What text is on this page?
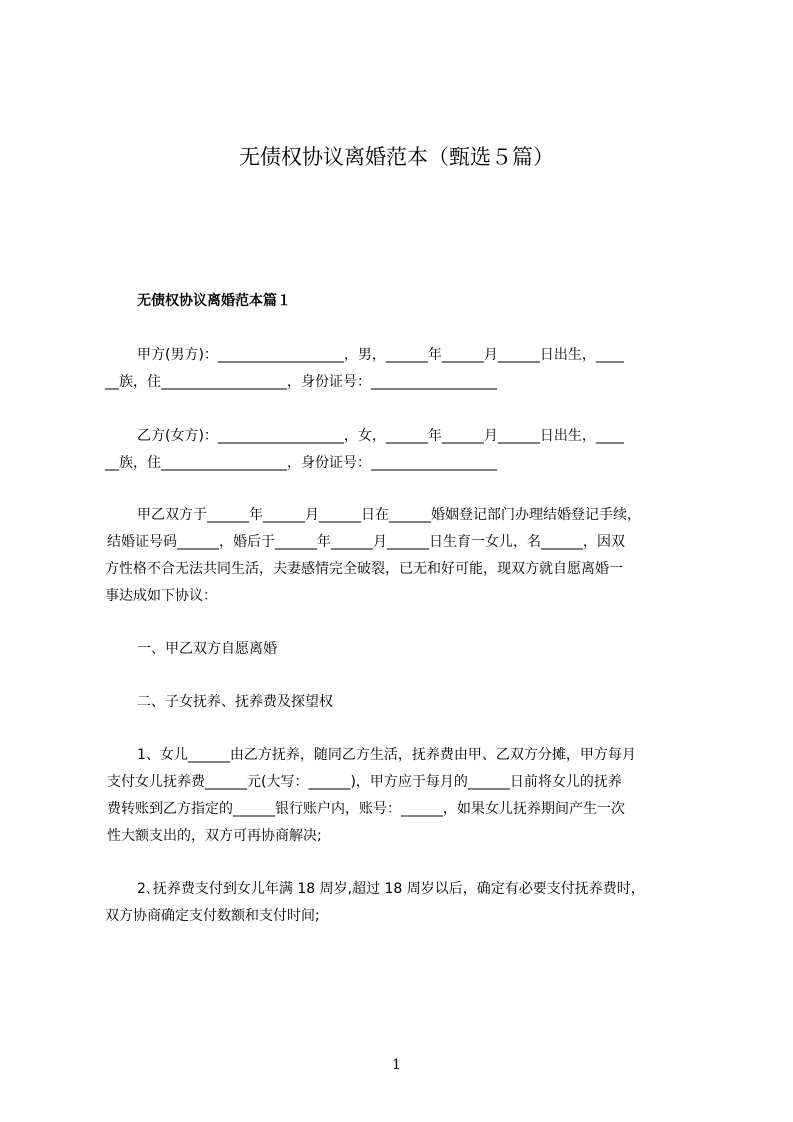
无债权协议离婚范本（甄选５篇）
无债权协议离婚范本篇１
甲方(男方)：__________________，男，______年______月______日出生，____
__族，住__________________，身份证号：__________________
乙方(女方)：__________________，女，______年______月______日出生，____
__族，住__________________，身份证号：__________________
甲乙双方于______年______月______日在______婚姻登记部门办理结婚登记手续，
结婚证号码______，婚后于______年______月______日生育一女儿，名______，因双
方性格不合无法共同生活，夫妻感情完全破裂，已无和好可能，现双方就自愿离婚一
事达成如下协议：
一、甲乙双方自愿离婚
二、子女抚养、抚养费及探望权
1、女儿______由乙方抚养，随同乙方生活，抚养费由甲、乙双方分摊，甲方每月
支付女儿抚养费______元(大写：______)，甲方应于每月的______日前将女儿的抚养
费转账到乙方指定的______银行账户内，账号：______，如果女儿抚养期间产生一次
性大额支出的，双方可再协商解决;
2､抚养费支付到女儿年满 18 周岁,超过 18 周岁以后，确定有必要支付抚养费时，
双方协商确定支付数额和支付时间;
1
